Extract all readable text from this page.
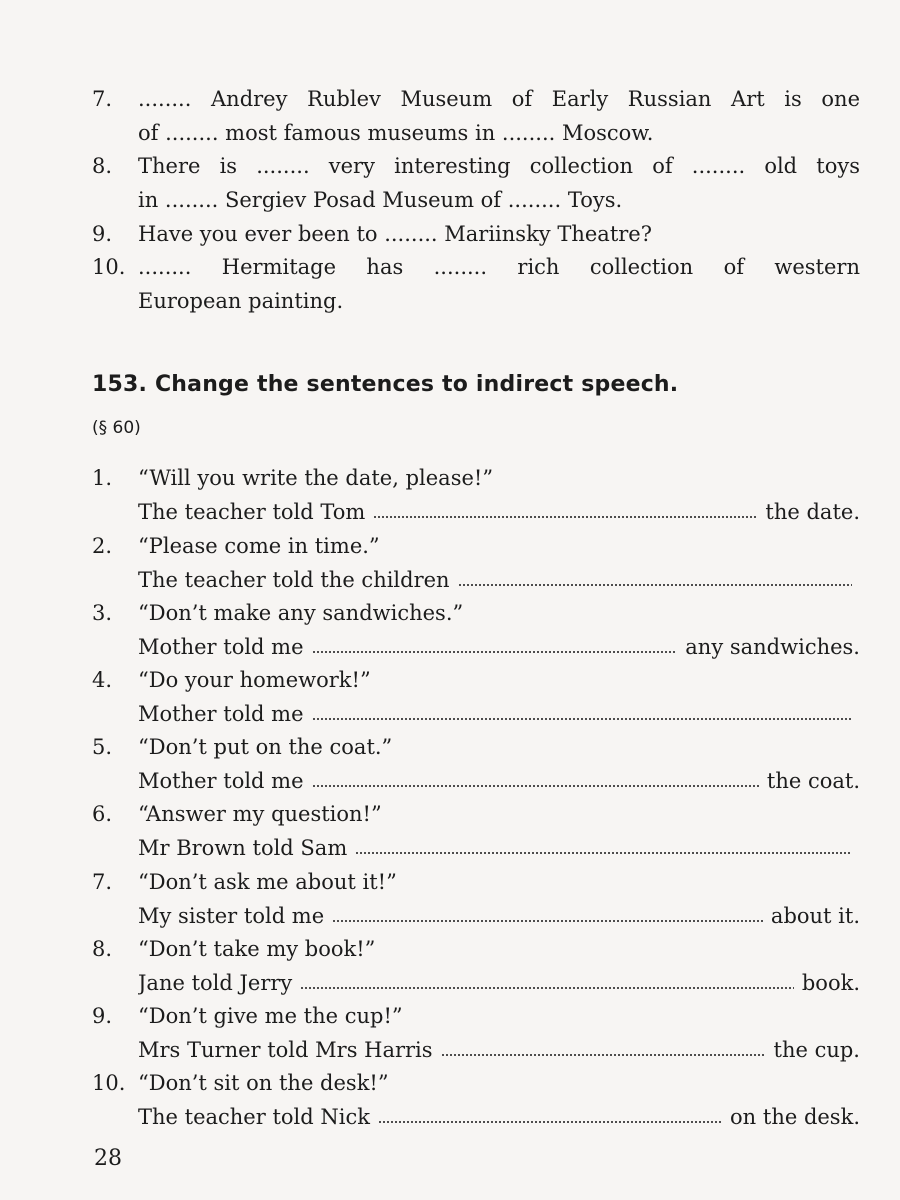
7.	........ Andrey Rublev Museum of Early Russian Art is one
of ........ most famous museums in ........ Moscow.
8.	There is ........ very interesting collection of ........ old toys
in ........ Sergiev Posad Museum of ........ Toys.
9.	Have you ever been to ........ Mariinsky Theatre?
10. ........ Hermitage has ........ rich collection of western
European painting.
153. Change the sentences to indirect speech.
(§ 60)
1.	“Will you write the date, please!”
The teacher told Tom	the date.
2.	“Please come in time.”
The teacher told the children
3.	“Don’t make any sandwiches.”
Mother told me	any sandwiches.
4.	“Do your homework!”
Mother told me
5.	“Don’t put on the coat.”
Mother told me	the coat.
6.	“Answer my question!”
Mr Brown told Sam
7.	“Don’t ask me about it!”
My sister told me	about it.
8.	“Don’t take my book!”
Jane told Jerry	book.
9.	“Don’t give me the cup!”
Mrs Turner told Mrs Harris	the cup.
10. “Don’t sit on the desk!”
The teacher told Nick	on the desk.
28
